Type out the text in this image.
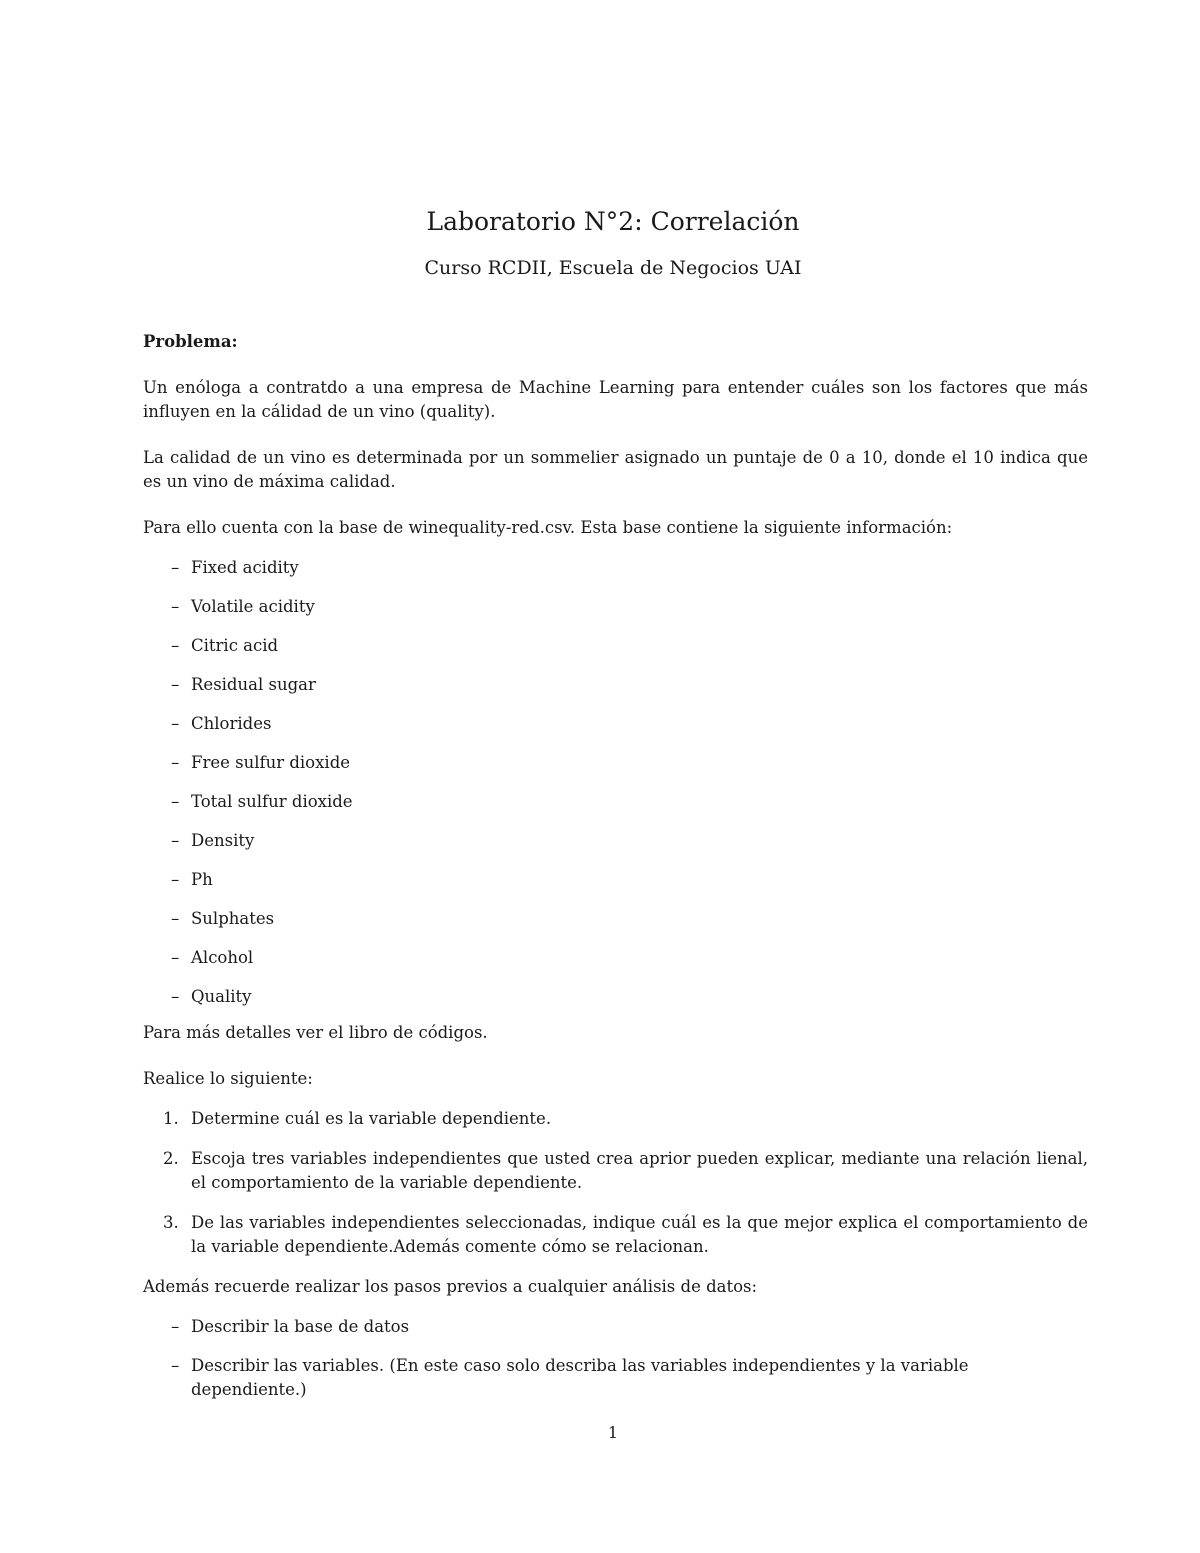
Laboratorio N°2: Correlación
Curso RCDII, Escuela de Negocios UAI

Problema:

Un enóloga a contratdo a una empresa de Machine Learning para entender cuáles son los factores que más influyen en la cálidad de un vino (quality).

La calidad de un vino es determinada por un sommelier asignado un puntaje de 0 a 10, donde el 10 indica que es un vino de máxima calidad.

Para ello cuenta con la base de winequality-red.csv. Esta base contiene la siguiente información:

– Fixed acidity
– Volatile acidity
– Citric acid
– Residual sugar
– Chlorides
– Free sulfur dioxide
– Total sulfur dioxide
– Density
– Ph
– Sulphates
– Alcohol
– Quality

Para más detalles ver el libro de códigos.

Realice lo siguiente:

1. Determine cuál es la variable dependiente.
2. Escoja tres variables independientes que usted crea aprior pueden explicar, mediante una relación lienal, el comportamiento de la variable dependiente.
3. De las variables independientes seleccionadas, indique cuál es la que mejor explica el comportamiento de la variable dependiente.Además comente cómo se relacionan.

Además recuerde realizar los pasos previos a cualquier análisis de datos:

– Describir la base de datos
– Describir las variables. (En este caso solo describa las variables independientes y la variable dependiente.)
1
